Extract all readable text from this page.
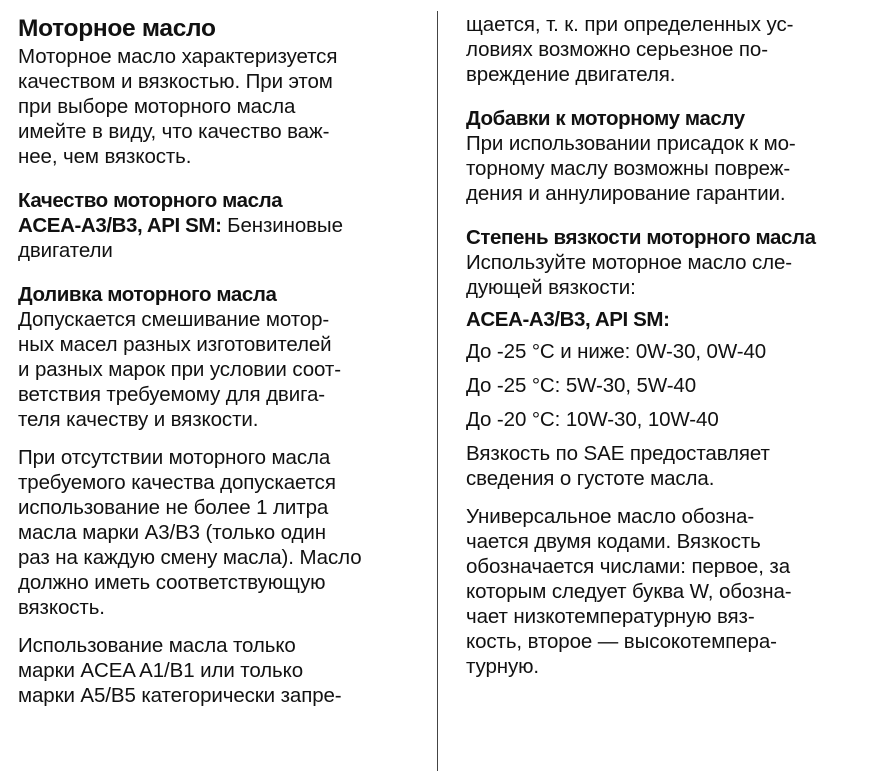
Моторное масло

Моторное масло характеризуется
качеством и вязкостью. При этом
при выборе моторного масла
имейте в виду, что качество важ-
нее, чем вязкость.

Качество моторного масла

ACEA-A3/B3, API SM: Бензиновые
двигатели

Доливка моторного масла

Допускается смешивание мотор-
ных масел разных изготовителей
и разных марок при условии соот-
ветствия требуемому для двига-
теля качеству и вязкости.

При отсутствии моторного масла
требуемого качества допускается
использование не более 1 литра
масла марки А3/В3 (только один
раз на каждую смену масла). Масло
должно иметь соответствующую
вязкость.

Использование масла только
марки ACEA A1/B1 или только
марки A5/B5 категорически запре-

щается, т. к. при определенных ус-
ловиях возможно серьезное по-
вреждение двигателя.

Добавки к моторному маслу

При использовании присадок к мо-
торному маслу возможны повреж-
дения и аннулирование гарантии.

Степень вязкости моторного масла

Используйте моторное масло сле-
дующей вязкости:

ACEA-A3/B3, API SM:

До -25 °C и ниже: 0W-30, 0W-40
До -25 °C: 5W-30, 5W-40
До -20 °C: 10W-30, 10W-40

Вязкость по SAE предоставляет
сведения о густоте масла.

Универсальное масло обозна-
чается двумя кодами. Вязкость
обозначается числами: первое, за
которым следует буква W, обозна-
чает низкотемпературную вяз-
кость, второе — высокотемпера-
турную.
